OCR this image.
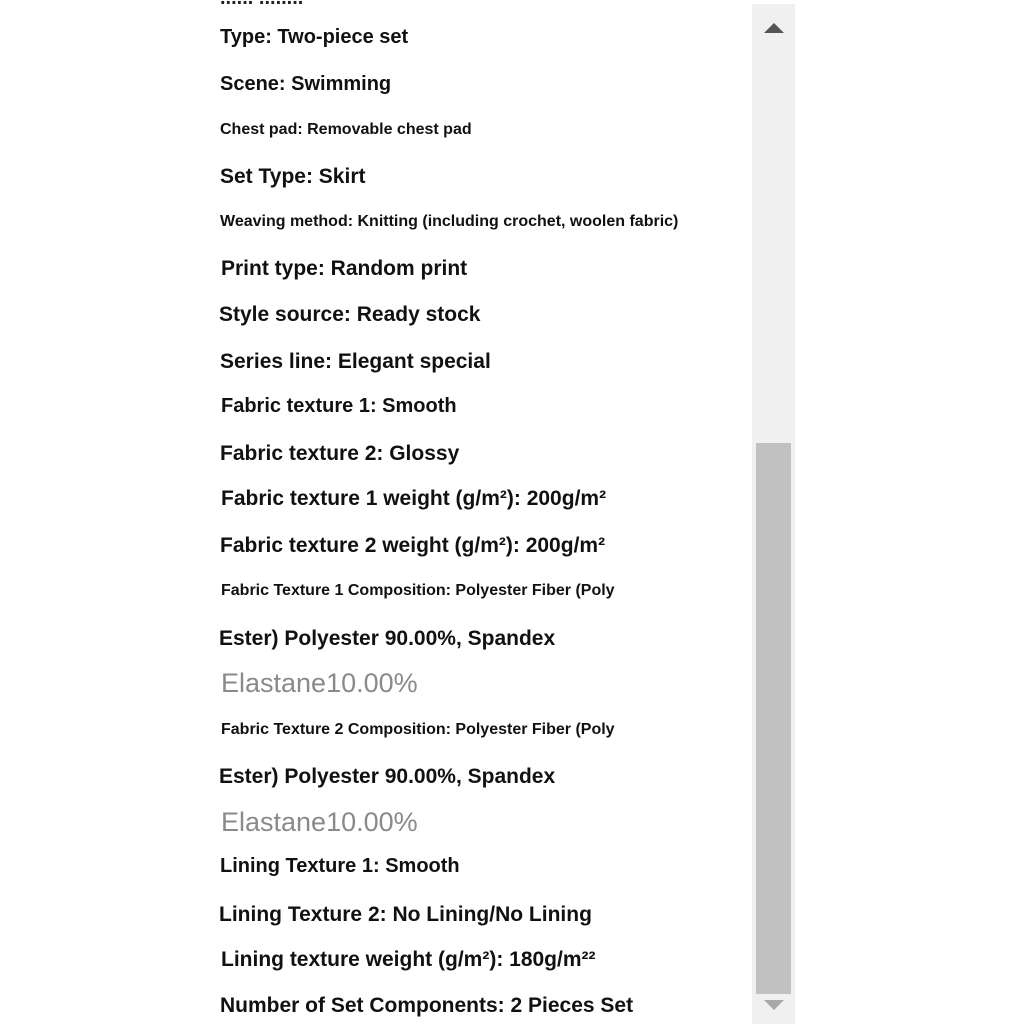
Type: Two-piece set
Scene: Swimming
Chest pad: Removable chest pad
Set Type: Skirt
Weaving method: Knitting (including crochet, woolen fabric)
Print type: Random print
Style source: Ready stock
Series line: Elegant special
Fabric texture 1: Smooth
Fabric texture 2: Glossy
Fabric texture 1 weight (g/m²): 200g/m²
Fabric texture 2 weight (g/m²): 200g/m²
Fabric Texture 1 Composition: Polyester Fiber (Poly
Ester) Polyester 90.00%, Spandex
Elastane10.00%
Fabric Texture 2 Composition: Polyester Fiber (Poly
Ester) Polyester 90.00%, Spandex
Elastane10.00%
Lining Texture 1: Smooth
Lining Texture 2: No Lining/No Lining
Lining texture weight (g/m²): 180g/m²²
Number of Set Components: 2 Pieces Set
